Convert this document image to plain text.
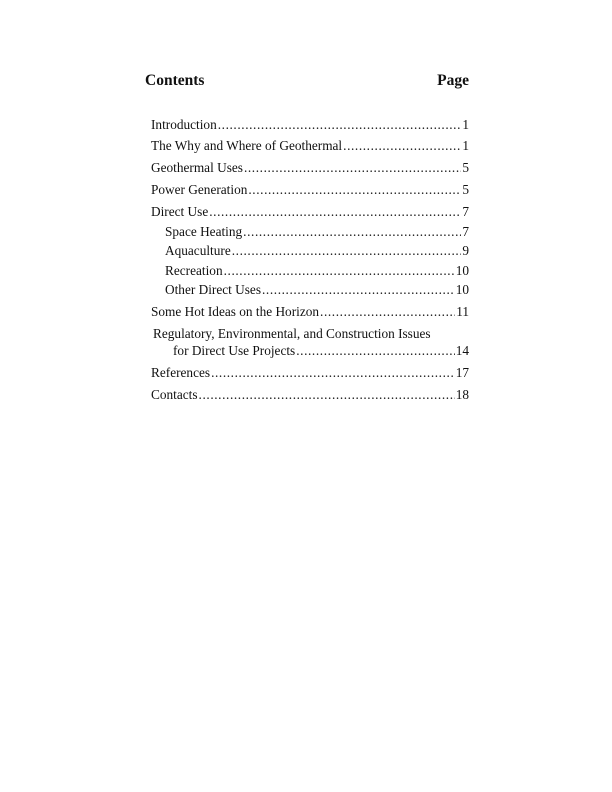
Contents	Page
Introduction .....	1
The Why and Where of Geothermal .....	1
Geothermal Uses .....	5
Power Generation .....	5
Direct Use .....	7
Space Heating .....	7
Aquaculture .....	9
Recreation .....	10
Other Direct Uses .....	10
Some Hot Ideas on the Horizon .....	11
Regulatory, Environmental, and Construction Issues
for Direct Use Projects .....	14
References .....	17
Contacts .....	18
